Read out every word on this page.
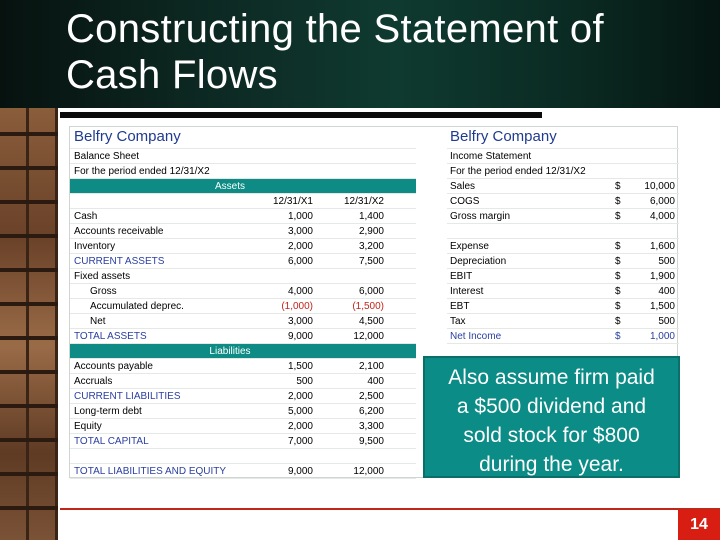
Constructing the Statement of
Cash Flows
Belfry Company
Balance Sheet
For the period ended 12/31/X2
Assets
12/31/X1	12/31/X2
Cash	1,000	1,400
Accounts receivable	3,000	2,900
Inventory	2,000	3,200
CURRENT ASSETS	6,000	7,500
Fixed assets
Gross	4,000	6,000
Accumulated deprec.	(1,000)	(1,500)
Net	3,000	4,500
TOTAL ASSETS	9,000	12,000
Liabilities
Accounts payable	1,500	2,100
Accruals	500	400
CURRENT LIABILITIES	2,000	2,500
Long-term debt	5,000	6,200
Equity	2,000	3,300
TOTAL CAPITAL	7,000	9,500
TOTAL LIABILITIES AND EQUITY	9,000	12,000
Belfry Company
Income Statement
For the period ended 12/31/X2
Sales	$	10,000
COGS	$	6,000
Gross margin	$	4,000
Expense	$	1,600
Depreciation	$	500
EBIT	$	1,900
Interest	$	400
EBT	$	1,500
Tax	$	500
Net Income	$	1,000
Also assume firm paid
a $500 dividend and
sold stock for $800
during the year.
14
